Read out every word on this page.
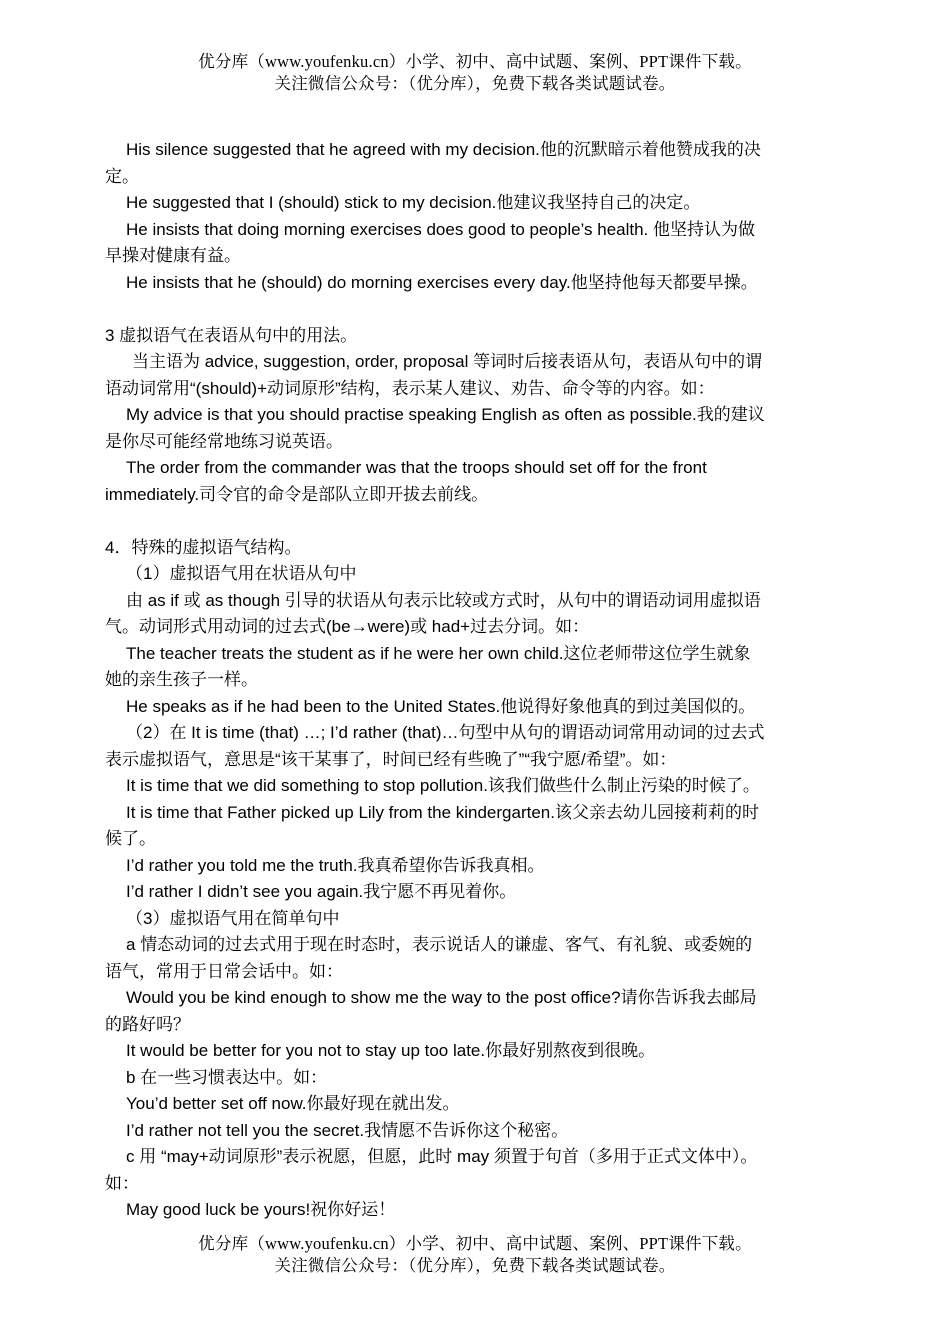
优分库（www.youfenku.cn）小学、初中、高中试题、案例、PPT课件下载。
关注微信公众号：（优分库），免费下载各类试题试卷。
His silence suggested that he agreed with my decision.他的沉默暗示着他赞成我的决
定。
He suggested that I (should) stick to my decision.他建议我坚持自己的决定。
He insists that doing morning exercises does good to people’s health. 他坚持认为做
早操对健康有益。
He insists that he (should) do morning exercises every day.他坚持他每天都要早操。
3 虚拟语气在表语从句中的用法。
当主语为 advice, suggestion, order, proposal 等词时后接表语从句，表语从句中的谓
语动词常用“(should)+动词原形”结构，表示某人建议、劝告、命令等的内容。如：
My advice is that you should practise speaking English as often as possible.我的建议
是你尽可能经常地练习说英语。
The order from the commander was that the troops should set off for the front
immediately.司令官的命令是部队立即开拔去前线。
4．特殊的虚拟语气结构。
（1）虚拟语气用在状语从句中
由 as if 或 as though 引导的状语从句表示比较或方式时，从句中的谓语动词用虚拟语
气。动词形式用动词的过去式(be→were)或 had+过去分词。如：
The teacher treats the student as if he were her own child.这位老师带这位学生就象
她的亲生孩子一样。
He speaks as if he had been to the United States.他说得好象他真的到过美国似的。
（2）在 It is time (that) …; I’d rather (that)…句型中从句的谓语动词常用动词的过去式
表示虚拟语气，意思是“该干某事了，时间已经有些晚了”“我宁愿/希望”。如：
It is time that we did something to stop pollution.该我们做些什么制止污染的时候了。
It is time that Father picked up Lily from the kindergarten.该父亲去幼儿园接莉莉的时
候了。
I’d rather you told me the truth.我真希望你告诉我真相。
I’d rather I didn’t see you again.我宁愿不再见着你。
（3）虚拟语气用在简单句中
a 情态动词的过去式用于现在时态时，表示说话人的谦虚、客气、有礼貌、或委婉的
语气，常用于日常会话中。如：
Would you be kind enough to show me the way to the post office?请你告诉我去邮局
的路好吗？
It would be better for you not to stay up too late.你最好别熬夜到很晚。
b 在一些习惯表达中。如：
You’d better set off now.你最好现在就出发。
I’d rather not tell you the secret.我情愿不告诉你这个秘密。
c 用 “may+动词原形”表示祝愿，但愿，此时 may 须置于句首（多用于正式文体中）。
如：
May good luck be yours!祝你好运！
优分库（www.youfenku.cn）小学、初中、高中试题、案例、PPT课件下载。
关注微信公众号：（优分库），免费下载各类试题试卷。
